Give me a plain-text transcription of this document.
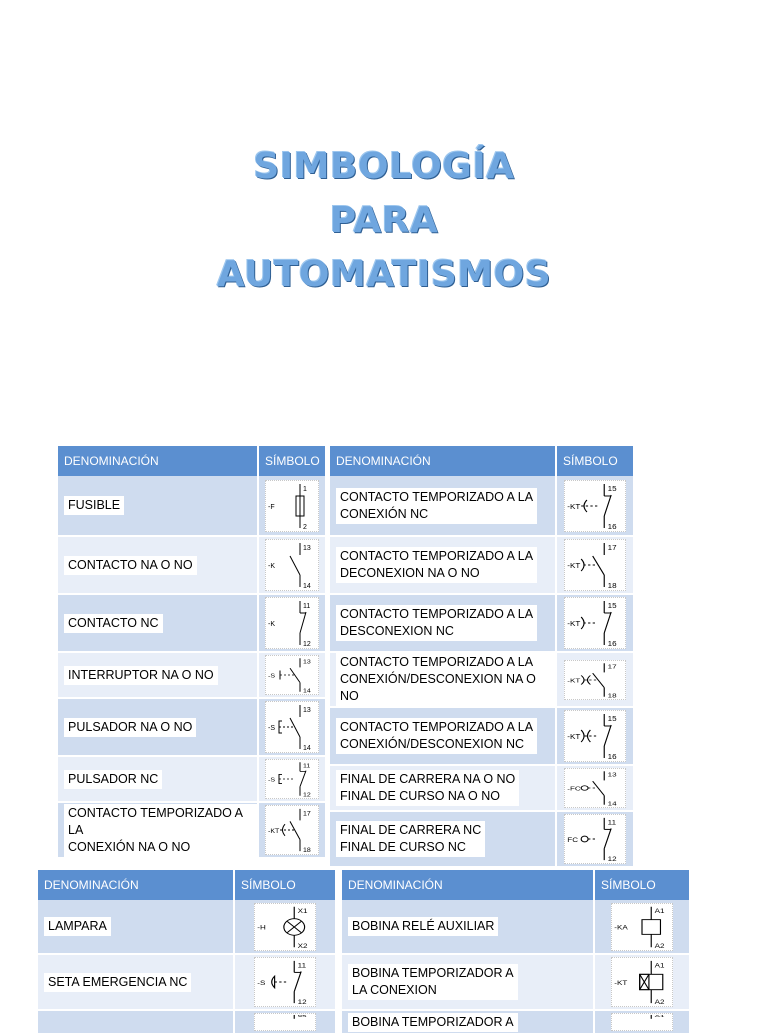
SIMBOLOGÍA
PARA
AUTOMATISMOS
DENOMINACIÓN	SÍMBOLO
FUSIBLE	-F
1
2

CONTACTO NA O NO	-K
13
14

CONTACTO NC	-K
11
12

INTERRUPTOR NA O NO	-S
13
14

PULSADOR NA O NO	-S
13
14

PULSADOR NC	-S
11
12

CONTACTO TEMPORIZADO A LA
CONEXIÓN NA O NO	-KT
17
18
DENOMINACIÓN	SÍMBOLO
CONTACTO TEMPORIZADO A LA
CONEXIÓN NC	-KT
15
16

CONTACTO TEMPORIZADO A LA
DECONEXION NA O NO	-KT
17
18

CONTACTO TEMPORIZADO A LA
DESCONEXION NC	-KT
15
16

CONTACTO TEMPORIZADO A LA
CONEXIÓN/DESCONEXION NA O NO	-KT
17
18

CONTACTO TEMPORIZADO A LA
CONEXIÓN/DESCONEXION NC	-KT
15
16

FINAL DE CARRERA NA O NO
FINAL DE CURSO NA O NO	-FC
13
14

FINAL DE CARRERA NC
FINAL DE CURSO NC	FC
11
12
DENOMINACIÓN	SÍMBOLO
LAMPARA	-H
X1
X2

SETA EMERGENCIA NC	-S
11
12

95
DENOMINACIÓN	SÍMBOLO
BOBINA RELÉ AUXILIAR	-KA
A1
A2

BOBINA TEMPORIZADOR A
LA CONEXION	-KT
A1
A2

BOBINA TEMPORIZADOR A	A1
